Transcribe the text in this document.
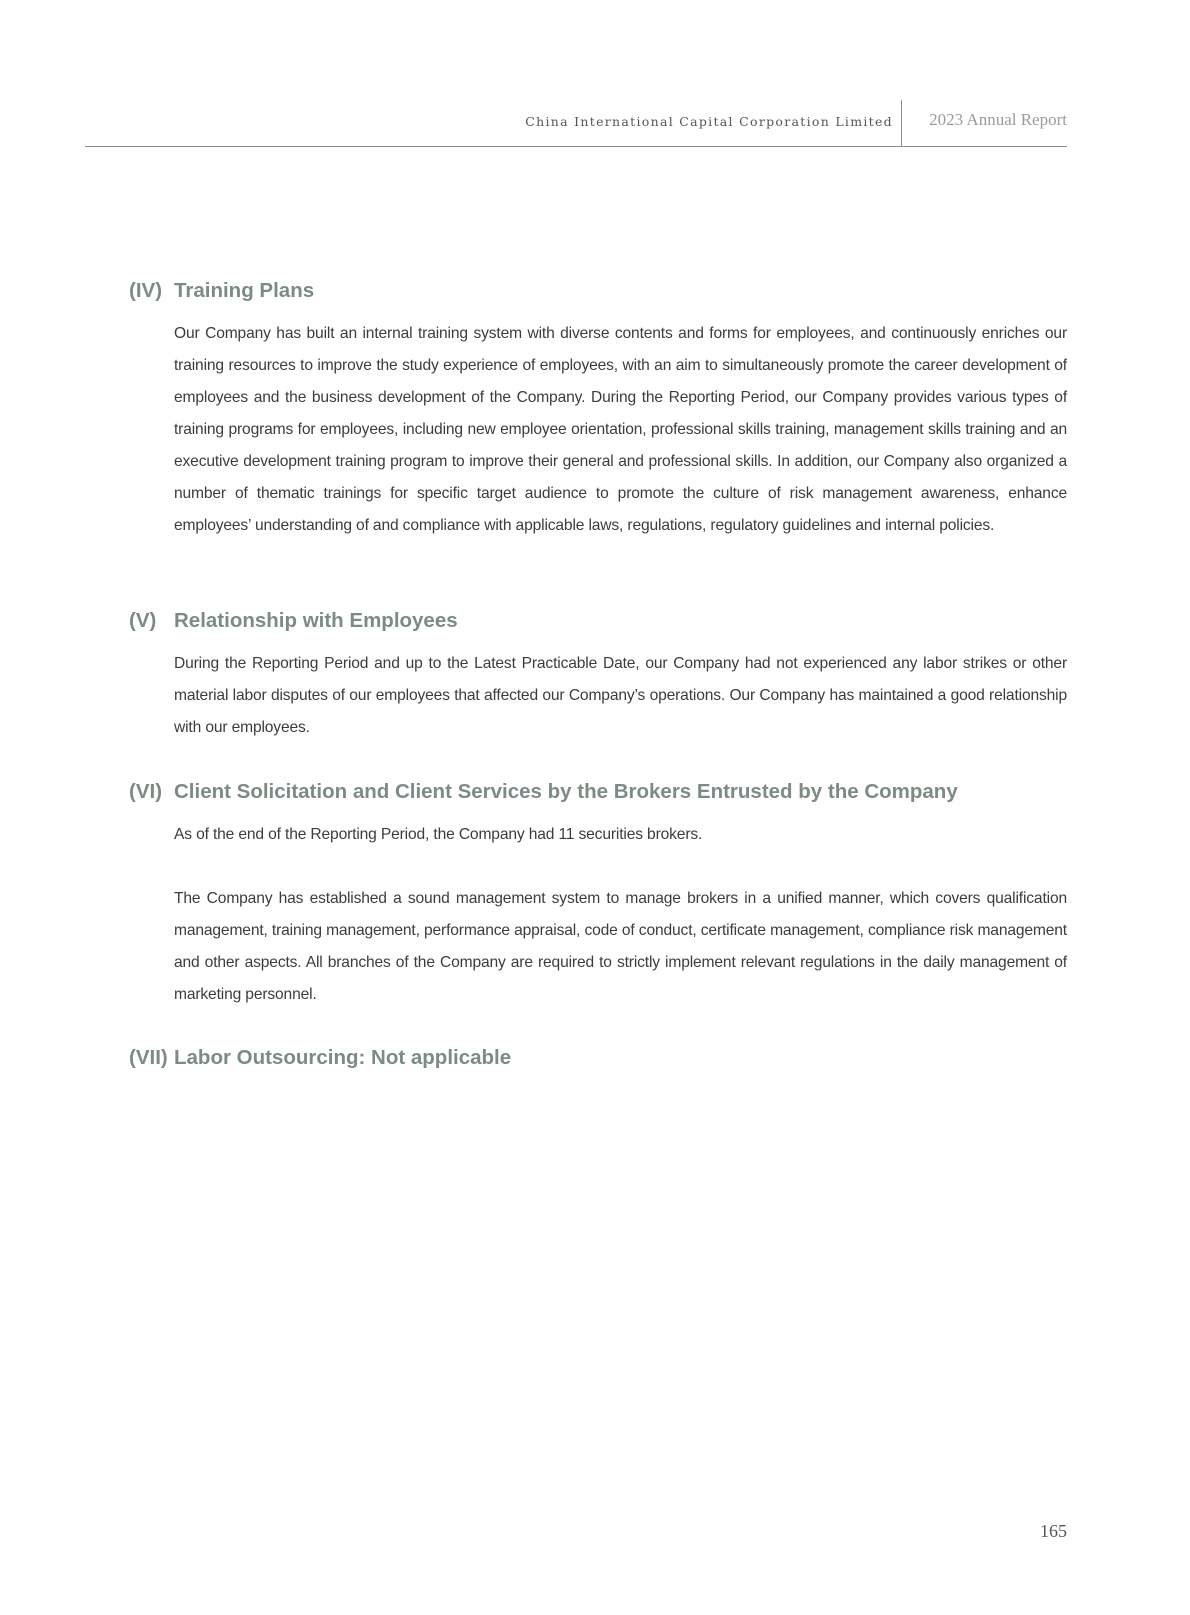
China International Capital Corporation Limited 2023 Annual Report
(IV) Training Plans

Our Company has built an internal training system with diverse contents and forms for employees, and continuously enriches our training resources to improve the study experience of employees, with an aim to simultaneously promote the career development of employees and the business development of the Company. During the Reporting Period, our Company provides various types of training programs for employees, including new employee orientation, professional skills training, management skills training and an executive development training program to improve their general and professional skills. In addition, our Company also organized a number of thematic trainings for specific target audience to promote the culture of risk management awareness, enhance employees’ understanding of and compliance with applicable laws, regulations, regulatory guidelines and internal policies.

(V) Relationship with Employees

During the Reporting Period and up to the Latest Practicable Date, our Company had not experienced any labor strikes or other material labor disputes of our employees that affected our Company’s operations. Our Company has maintained a good relationship with our employees.

(VI) Client Solicitation and Client Services by the Brokers Entrusted by the Company

As of the end of the Reporting Period, the Company had 11 securities brokers.

The Company has established a sound management system to manage brokers in a unified manner, which covers qualification management, training management, performance appraisal, code of conduct, certificate management, compliance risk management and other aspects. All branches of the Company are required to strictly implement relevant regulations in the daily management of marketing personnel.

(VII) Labor Outsourcing: Not applicable
165
